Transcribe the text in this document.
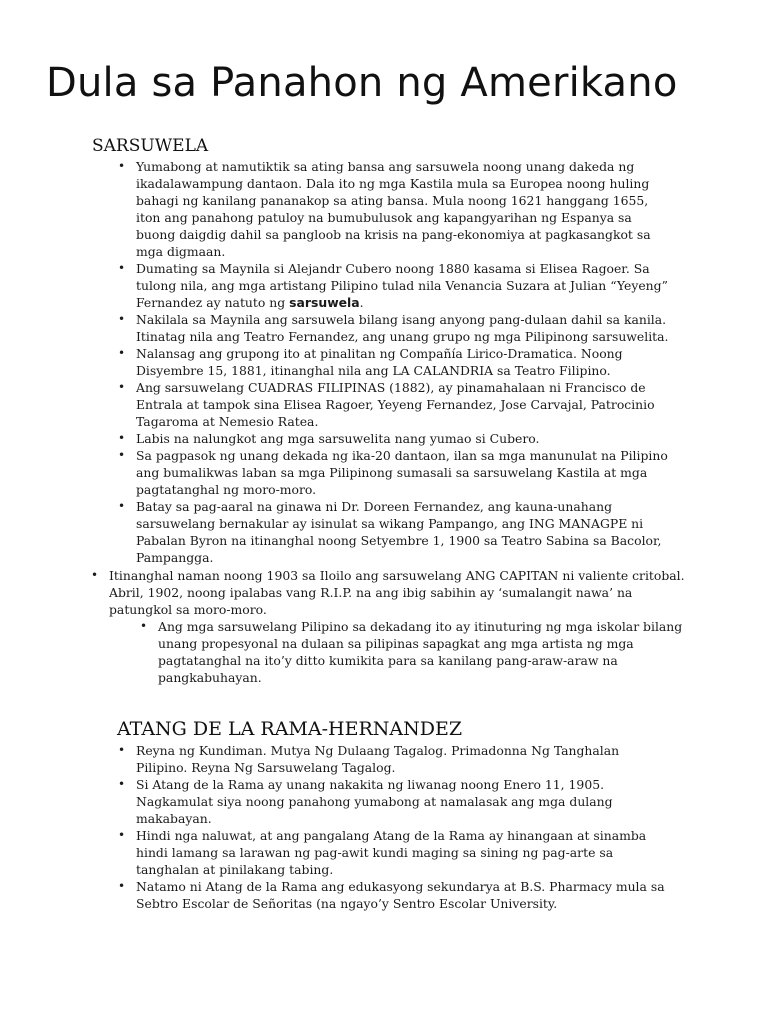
Dula sa Panahon ng Amerikano
SARSUWELA
• Yumabong at namutiktik sa ating bansa ang sarsuwela noong unang dakeda ng ikadalawampung dantaon. Dala ito ng mga Kastila mula sa Europea noong huling bahagi ng kanilang pananakop sa ating bansa. Mula noong 1621 hanggang 1655, iton ang panahong patuloy na bumubulusok ang kapangyarihan ng Espanya sa buong daigdig dahil sa pangloob na krisis na pang-ekonomiya at pagkasangkot sa mga digmaan.
• Dumating sa Maynila si Alejandr Cubero noong 1880 kasama si Elisea Ragoer. Sa tulong nila, ang mga artistang Pilipino tulad nila Venancia Suzara at Julian “Yeyeng” Fernandez ay natuto ng sarsuwela.
• Nakilala sa Maynila ang sarsuwela bilang isang anyong pang-dulaan dahil sa kanila. Itinatag nila ang Teatro Fernandez, ang unang grupo ng mga Pilipinong sarsuwelita.
• Nalansag ang grupong ito at pinalitan ng Compañía Lirico-Dramatica. Noong Disyembre 15, 1881, itinanghal nila ang LA CALANDRIA sa Teatro Filipino.
• Ang sarsuwelang CUADRAS FILIPINAS (1882), ay pinamahalaan ni Francisco de Entrala at tampok sina Elisea Ragoer, Yeyeng Fernandez, Jose Carvajal, Patrocinio Tagaroma at Nemesio Ratea.
• Labis na nalungkot ang mga sarsuwelita nang yumao si Cubero.
• Sa pagpasok ng unang dekada ng ika-20 dantaon, ilan sa mga manunulat na Pilipino ang bumalikwas laban sa mga Pilipinong sumasali sa sarsuwelang Kastila at mga pagtatanghal ng moro-moro.
• Batay sa pag-aaral na ginawa ni Dr. Doreen Fernandez, ang kauna-unahang sarsuwelang bernakular ay isinulat sa wikang Pampango, ang ING MANAGPE ni Pabalan Byron na itinanghal noong Setyembre 1, 1900 sa Teatro Sabina sa Bacolor, Pampangga.
• Itinanghal naman noong 1903 sa Iloilo ang sarsuwelang ANG CAPITAN ni valiente critobal. Abril, 1902, noong ipalabas vang R.I.P. na ang ibig sabihin ay ‘sumalangit nawa’ na patungkol sa moro-moro.
• Ang mga sarsuwelang Pilipino sa dekadang ito ay itinuturing ng mga iskolar bilang unang propesyonal na dulaan sa pilipinas sapagkat ang mga artista ng mga pagtatanghal na ito’y ditto kumikita para sa kanilang pang-araw-araw na pangkabuhayan.
ATANG DE LA RAMA-HERNANDEZ
• Reyna ng Kundiman. Mutya Ng Dulaang Tagalog. Primadonna Ng Tanghalan Pilipino. Reyna Ng Sarsuwelang Tagalog.
• Si Atang de la Rama ay unang nakakita ng liwanag noong Enero 11, 1905. Nagkamulat siya noong panahong yumabong at namalasak ang mga dulang makabayan.
• Hindi nga naluwat, at ang pangalang Atang de la Rama ay hinangaan at sinamba hindi lamang sa larawan ng pag-awit kundi maging sa sining ng pag-arte sa tanghalan at pinilakang tabing.
• Natamo ni Atang de la Rama ang edukasyong sekundarya at B.S. Pharmacy mula sa Sebtro Escolar de Señoritas (na ngayo’y Sentro Escolar University.
